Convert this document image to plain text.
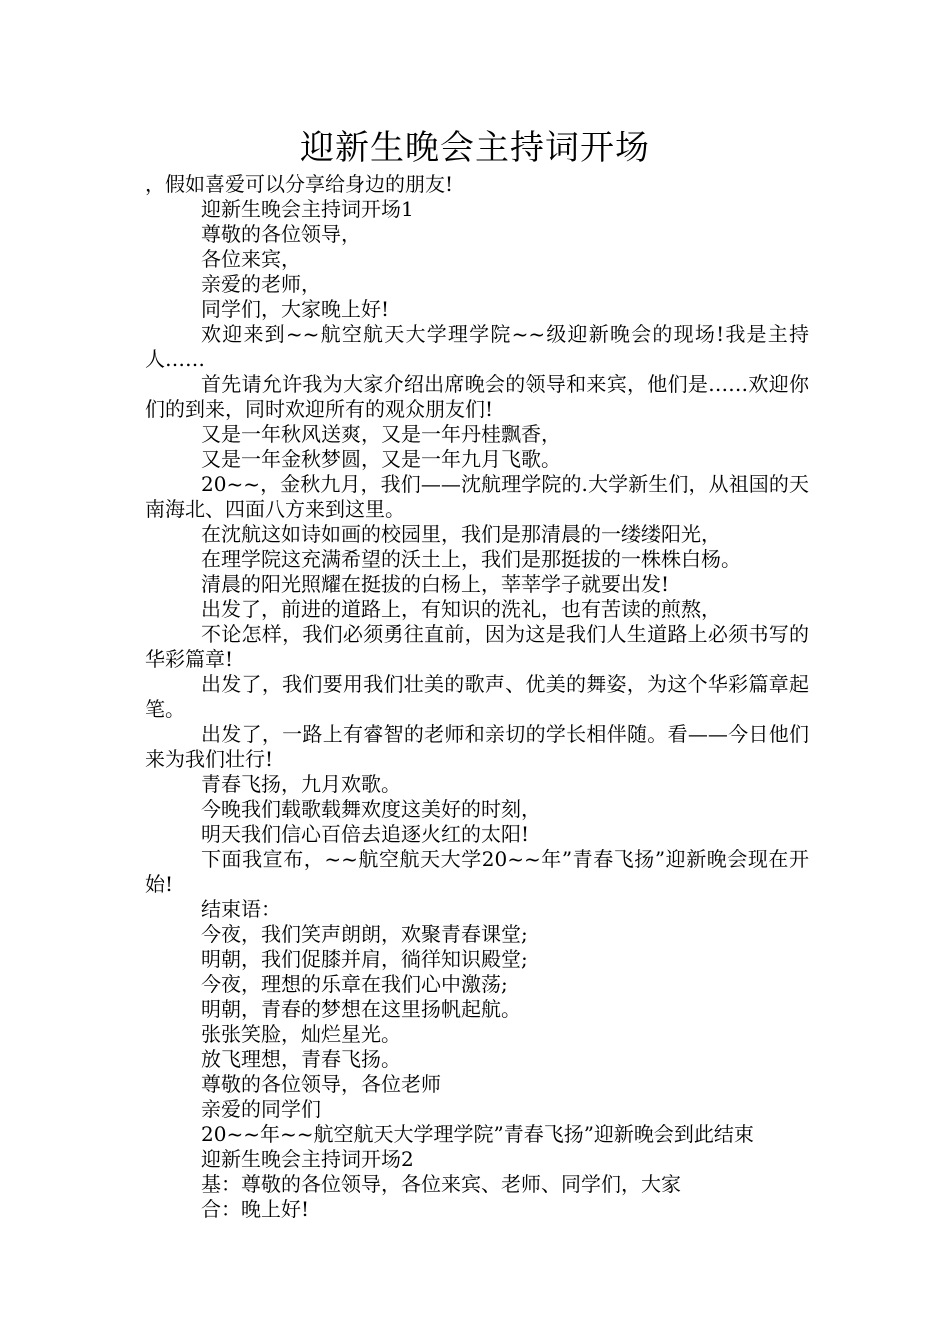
迎新生晚会主持词开场

，假如喜爱可以分享给身边的朋友!

迎新生晚会主持词开场1

尊敬的各位领导，

各位来宾，

亲爱的老师，

同学们，大家晚上好!

欢迎来到~~航空航天大学理学院~~级迎新晚会的现场!我是主持人……

首先请允许我为大家介绍出席晚会的领导和来宾，他们是……欢迎你们的到来，同时欢迎所有的观众朋友们!

又是一年秋风送爽，又是一年丹桂飘香，

又是一年金秋梦圆，又是一年九月飞歌。

20~~，金秋九月，我们——沈航理学院的.大学新生们，从祖国的天南海北、四面八方来到这里。

在沈航这如诗如画的校园里，我们是那清晨的一缕缕阳光，

在理学院这充满希望的沃土上，我们是那挺拔的一株株白杨。

清晨的阳光照耀在挺拔的白杨上，莘莘学子就要出发!

出发了，前进的道路上，有知识的洗礼，也有苦读的煎熬，

不论怎样，我们必须勇往直前，因为这是我们人生道路上必须书写的华彩篇章!

出发了，我们要用我们壮美的歌声、优美的舞姿，为这个华彩篇章起笔。

出发了，一路上有睿智的老师和亲切的学长相伴随。看——今日他们来为我们壮行!

青春飞扬，九月欢歌。

今晚我们载歌载舞欢度这美好的时刻，

明天我们信心百倍去追逐火红的太阳!

下面我宣布，~~航空航天大学20~~年”青春飞扬”迎新晚会现在开始!

结束语：

今夜，我们笑声朗朗，欢聚青春课堂;

明朝，我们促膝并肩，徜徉知识殿堂;

今夜，理想的乐章在我们心中激荡;

明朝，青春的梦想在这里扬帆起航。

张张笑脸，灿烂星光。

放飞理想，青春飞扬。

尊敬的各位领导，各位老师

亲爱的同学们

20~~年~~航空航天大学理学院”青春飞扬”迎新晚会到此结束

迎新生晚会主持词开场2

基：尊敬的各位领导，各位来宾、老师、同学们，大家

合：晚上好!
